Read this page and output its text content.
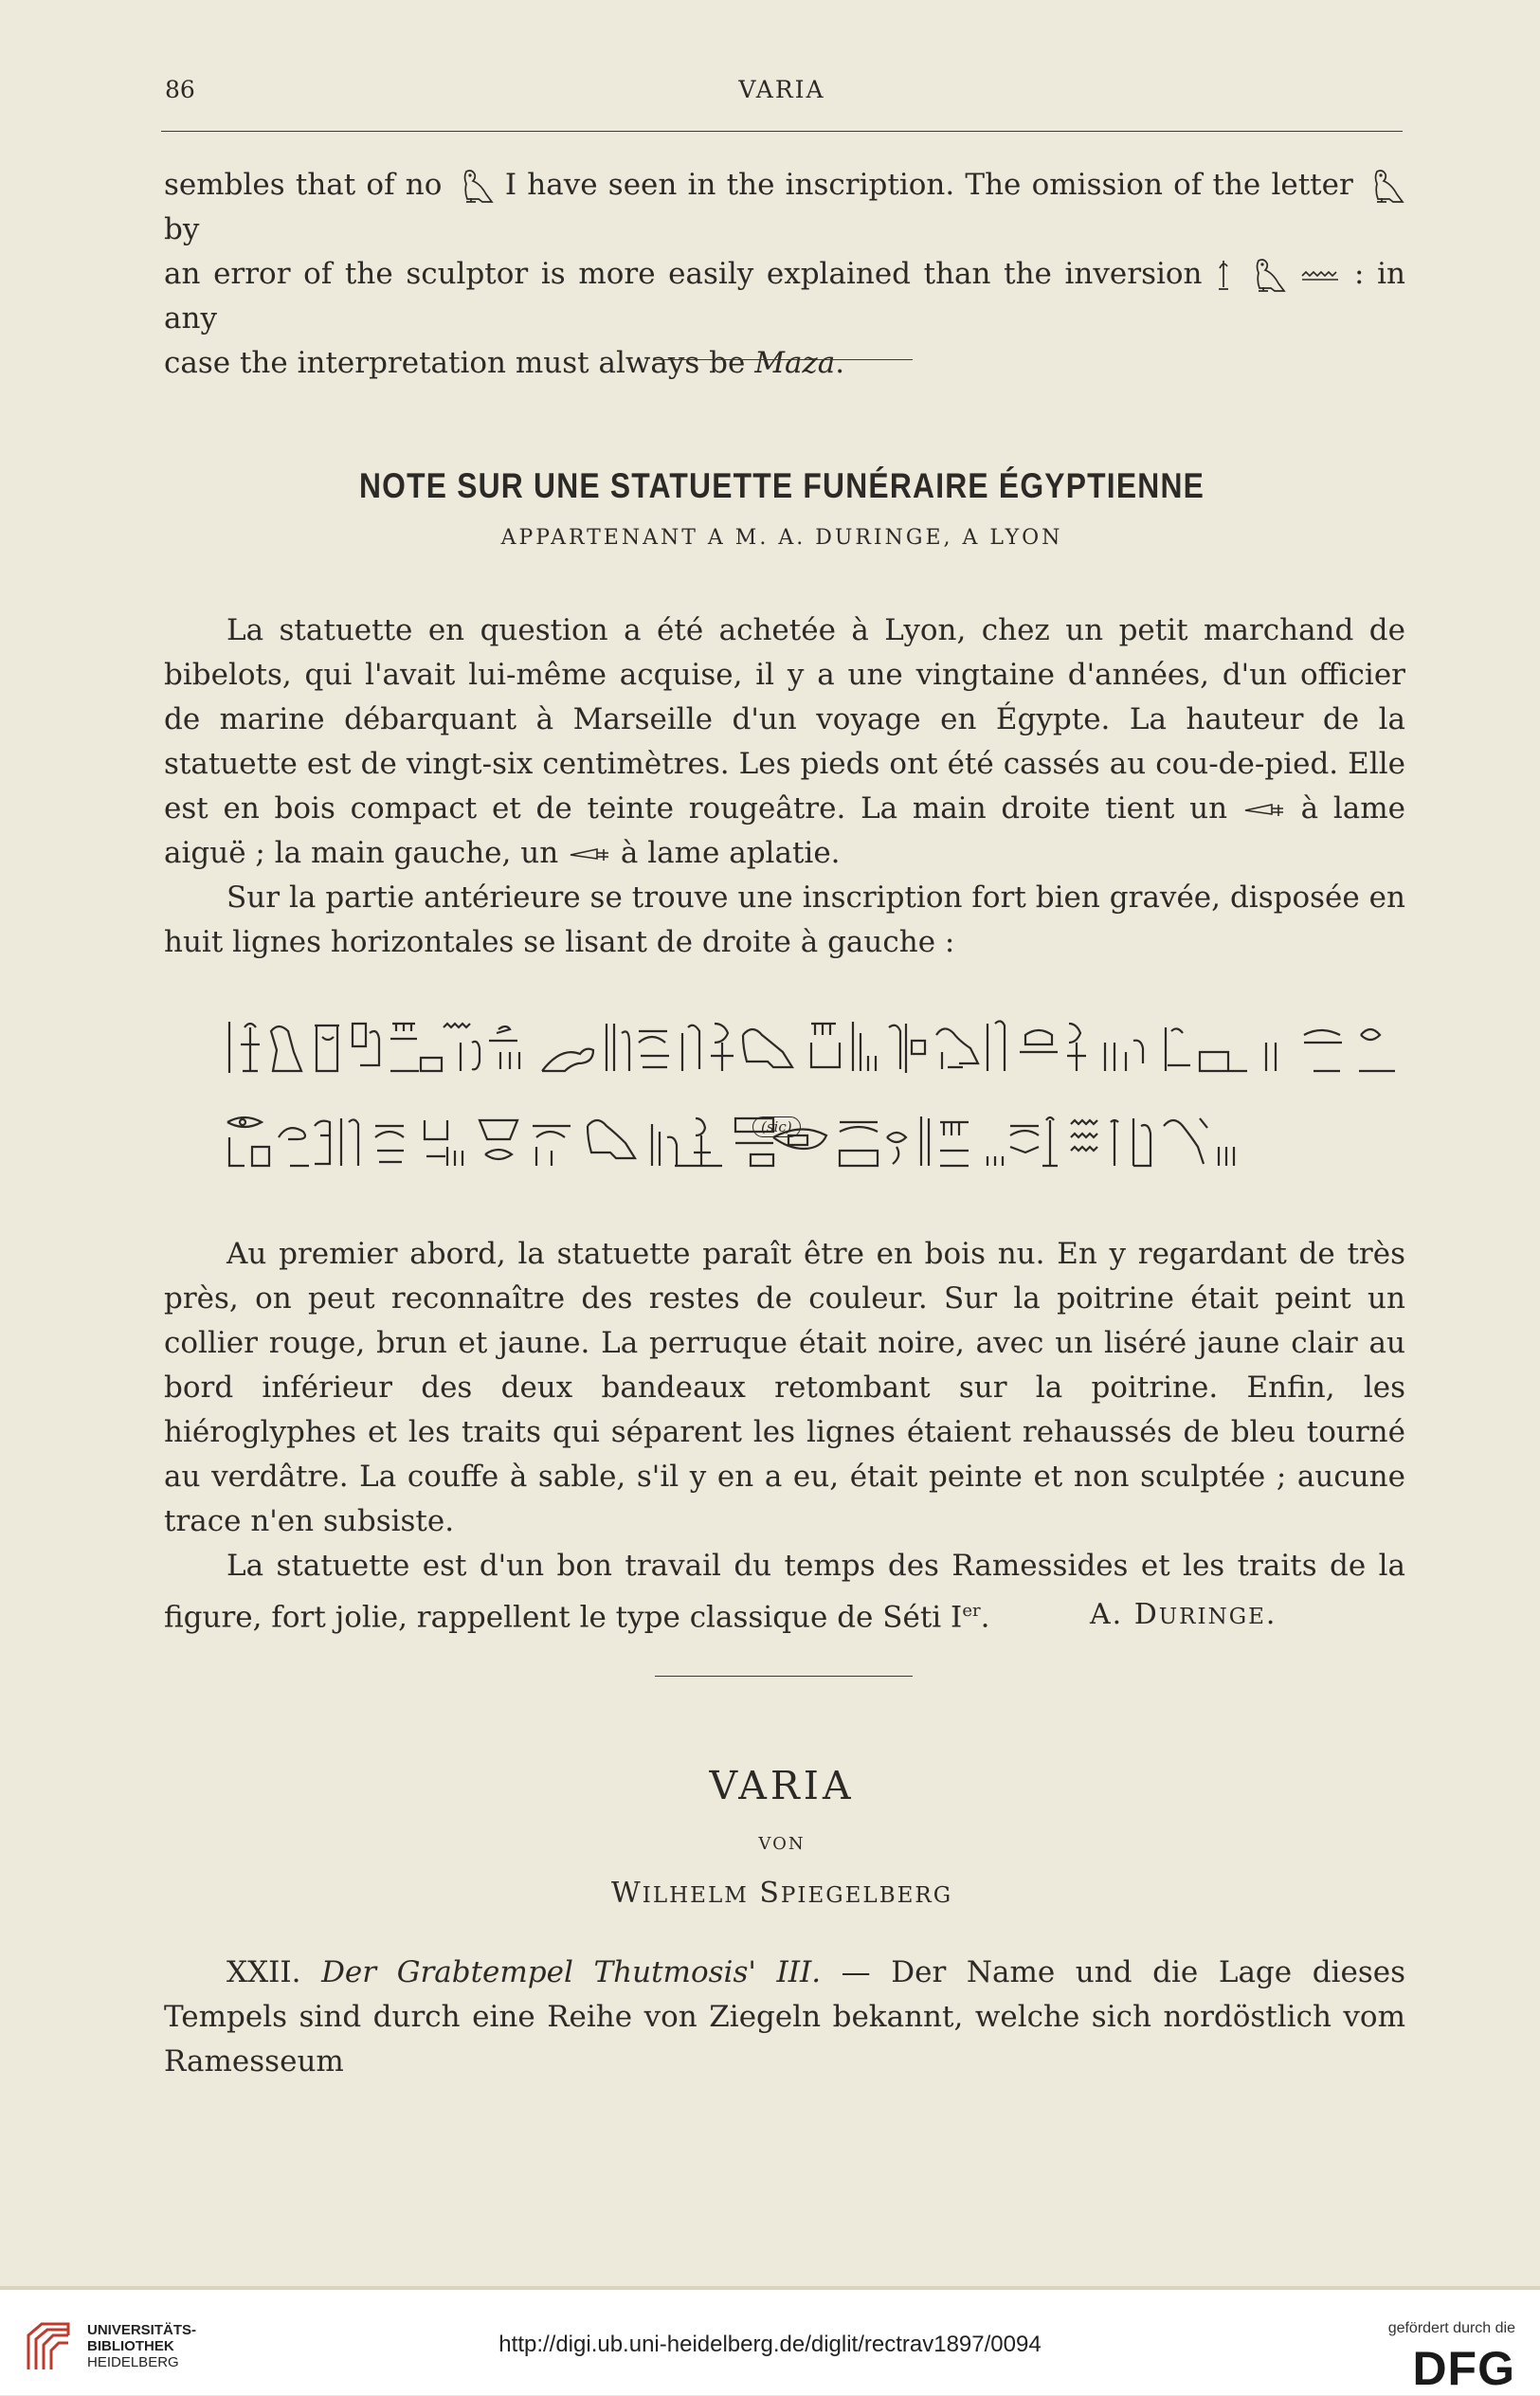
86	VARIA

sembles that of no I have seen in the inscription. The omission of the letter
by

an error of the sculptor is more easily explained than the inversion

	: in any

case the interpretation must always be Maza.

NOTE SUR UNE STATUETTE FUNÉRAIRE ÉGYPTIENNE
APPARTENANT A M. A. DURINGE, A LYON

La statuette en question a été achetée à Lyon, chez un petit marchand de bibelots, qui l'avait lui-même acquise, il y a une vingtaine d'années, d'un officier de marine débarquant à Marseille d'un voyage en Égypte. La hauteur de la statuette est de vingt-six centimètres. Les pieds ont été cassés au cou-de-pied. Elle est en bois compact et de teinte rougeâtre. La main droite tient un	à lame aiguë ; la main gauche, un à lame aplatie.

Sur la partie antérieure se trouve une inscription fort bien gravée, disposée en huit lignes horizontales se lisant de droite à gauche :

(sic)

Au premier abord, la statuette paraît être en bois nu. En y regardant de très près, on peut reconnaître des restes de couleur. Sur la poitrine était peint un collier rouge, brun et jaune. La perruque était noire, avec un liséré jaune clair au bord inférieur des deux bandeaux retombant sur la poitrine. Enfin, les hiéroglyphes et les traits qui séparent les lignes étaient rehaussés de bleu tourné au verdâtre. La couffe à sable, s'il y en a eu, était peinte et non sculptée ; aucune trace n'en subsiste.

La statuette est d'un bon travail du temps des Ramessides et les traits de la figure, fort jolie, rappellent le type classique de Séti Ier.	A. DURINGE.
VARIA
VON
WILHELM SPIEGELBERG

XXII. Der Grabtempel Thutmosis' III. — Der Name und die Lage dieses Tempels sind durch eine Reihe von Ziegeln bekannt, welche sich nordöstlich vom Ramesseum

UNIVERSITÄTS-
BIBLIOTHEK
HEIDELBERG
http://digi.ub.uni-heidelberg.de/diglit/rectrav1897/0094
gefördert durch die
DFG
